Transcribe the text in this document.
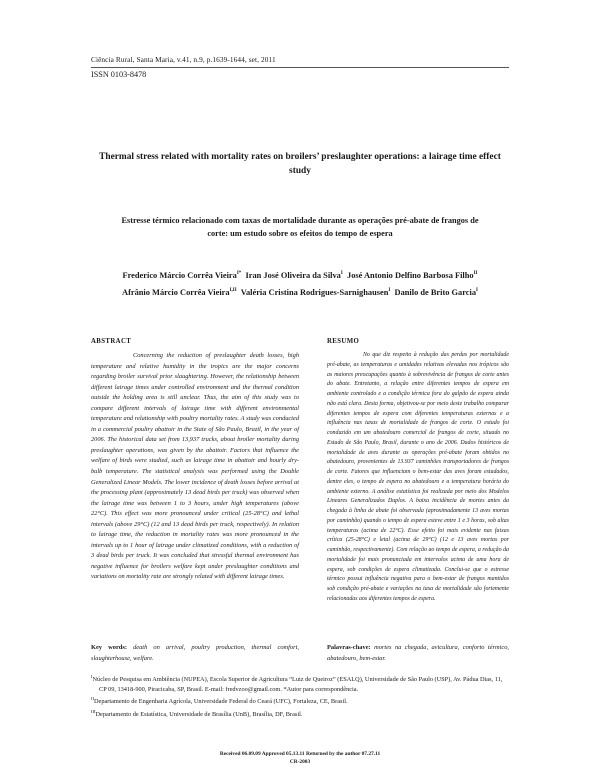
Ciência Rural, Santa Maria, v.41, n.9, p.1639-1644, set, 2011
ISSN 0103-8478
Thermal stress related with mortality rates on broilers’ preslaughter operations: a lairage time effect study
Estresse térmico relacionado com taxas de mortalidade durante as operações pré-abate de frangos de corte: um estudo sobre os efeitos do tempo de espera
Frederico Márcio Corrêa Vieira$^{I*}$ Iran José Oliveira da Silva$^I$ José Antonio Delfino Barbosa Filho$^{II}$
Afrânio Márcio Corrêa Vieira$^{I,II}$ Valéria Cristina Rodrigues-Sarnighausen$^I$ Danilo de Brito Garcia$^I$
ABSTRACT

Concerning the reduction of preslaughter death losses, high temperature and relative humidity in the tropics are the major concerns regarding broiler survival prior slaughtering. However, the relationship between different lairage times under controlled environment and the thermal condition outside the holding area is still unclear. Thus, the aim of this study was to compare different intervals of lairage time with different environmental temperature and relationship with poultry mortality rates. A study was conducted in a commercial poultry abattoir in the State of São Paulo, Brazil, in the year of 2006. The historical data set from 13,937 trucks, about broiler mortality during preslaughter operations, was given by the abattoir. Factors that influence the welfare of birds were studied, such as lairage time in abattoir and hourly dry-bulb temperature. The statistical analysis was performed using the Double Generalized Linear Models. The lower incidence of death losses before arrival at the processing plant (approximately 13 dead birds per truck) was observed when the lairage time was between 1 to 3 hours, under high temperatures (above 22°C). This effect was more pronounced under critical (25-28°C) and lethal intervals (above 29°C) (12 and 13 dead birds per truck, respectively). In relation to lairage time, the reduction in mortality rates was more pronounced in the intervals up to 1 hour of lairage under climatized conditions, with a reduction of 3 dead birds per truck. It was concluded that stressful thermal environment has negative influence for broilers welfare kept under preslaughter conditions and variations on mortality rate are strongly related with different lairage times.

Key words: death on arrival, poultry production, thermal comfort, slaughterhouse, welfare.
RESUMO

No que diz respeito à redução das perdas por mortalidade pré-abate, as temperaturas e umidades relativas elevadas nos trópicos são as maiores preocupações quanto à sobrevivência de frangos de corte antes do abate. Entretanto, a relação entre diferentes tempos de espera em ambiente controlado e a condição térmica fora do galpão de espera ainda não está clara. Desta forma, objetivou-se por meio deste trabalho comparar diferentes tempos de espera com diferentes temperaturas externas e a influência nas taxas de mortalidade de frangos de corte. O estudo foi conduzido em um abatedouro comercial de frangos de corte, situado no Estado de São Paulo, Brasil, durante o ano de 2006. Dados históricos de mortalidade de aves durante as operações pré-abate foram obtidos no abatedouro, provenientes de 13.937 caminhões transportadores de frangos de corte. Fatores que influenciam o bem-estar das aves foram estudados, dentre eles, o tempo de espera no abatedouro e a temperatura horária do ambiente externo. A análise estatística foi realizada por meio dos Modelos Lineares Generalizados Duplos. A baixa incidência de mortes antes da chegada à linha de abate foi observada (aproximadamente 13 aves mortas por caminhão) quando o tempo de espera esteve entre 1 e 3 horas, sob altas temperaturas (acima de 22°C). Esse efeito foi mais evidente nas faixas crítica (25-28°C) e letal (acima de 29°C) (12 e 13 aves mortas por caminhão, respectivamente). Com relação ao tempo de espera, a redução da mortalidade foi mais pronunciada em intervalos acima de uma hora de espera, sob condições de espera climatizada. Conclui-se que o estresse térmico possui influência negativa para o bem-estar de frangos mantidos sob condição pré-abate e variações na taxa de mortalidade são fortemente relacionadas aos diferentes tempos de espera.

Palavras-chave: mortes na chegada, avicultura, conforto térmico, abatedouro, bem-estar.
$^I$Núcleo de Pesquisa em Ambiência (NUPEA), Escola Superior de Agricultura “Luiz de Queiroz” (ESALQ), Universidade de São Paulo (USP), Av. Pádua Dias, 11, CP 09, 13418-900, Piracicaba, SP, Brasil. E-mail: fredvzoo@gmail.com. *Autor para correspondência.
$^{II}$Departamento de Engenharia Agrícola, Universidade Federal do Ceará (UFC), Fortaleza, CE, Brasil.
$^{III}$Departamento de Estatística, Universidade de Brasília (UnB), Brasília, DF, Brasil.
Received 06.09.09 Approved 05.13.11 Returned by the author 07.27.11
CR-2003
